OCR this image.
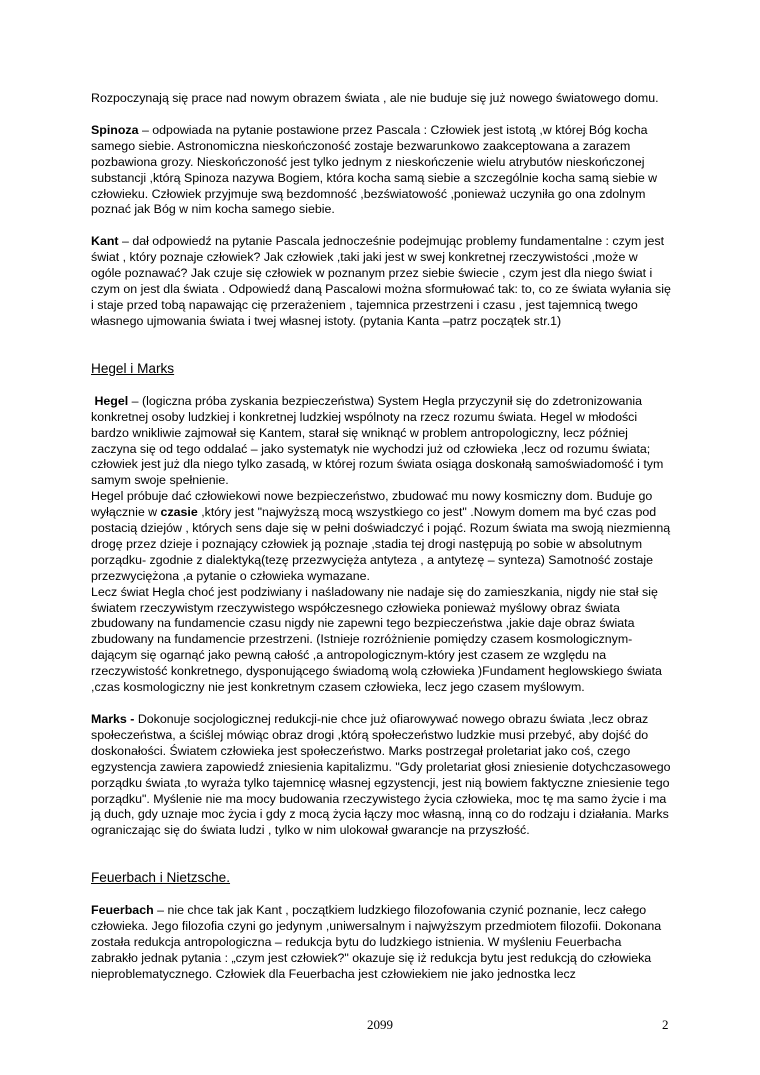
Rozpoczynają się prace nad nowym obrazem świata , ale nie buduje się już nowego światowego domu.

Spinoza – odpowiada na pytanie postawione przez Pascala : Człowiek jest istotą ,w której Bóg kocha samego siebie. Astronomiczna nieskończoność zostaje bezwarunkowo zaakceptowana a zarazem pozbawiona grozy. Nieskończoność jest tylko jednym z nieskończenie wielu atrybutów nieskończonej substancji ,którą Spinoza nazywa Bogiem, która kocha samą siebie a szczególnie kocha samą siebie w człowieku. Człowiek przyjmuje swą bezdomność ,bezświatowość ,ponieważ uczyniła go ona zdolnym poznać jak Bóg w nim kocha samego siebie.

Kant – dał odpowiedź na pytanie Pascala jednocześnie podejmując problemy fundamentalne : czym jest świat , który poznaje człowiek? Jak człowiek ,taki jaki jest w swej konkretnej rzeczywistości ,może w ogóle poznawać? Jak czuje się człowiek w poznanym przez siebie świecie , czym jest dla niego świat i czym on jest dla świata . Odpowiedź daną Pascalowi można sformułować tak: to, co ze świata wyłania się i staje przed tobą napawając cię przerażeniem , tajemnica przestrzeni i czasu , jest tajemnicą twego własnego ujmowania świata i twej własnej istoty. (pytania Kanta –patrz początek str.1)

Hegel i Marks

Hegel – (logiczna próba zyskania bezpieczeństwa) System Hegla przyczynił się do zdetronizowania konkretnej osoby ludzkiej i konkretnej ludzkiej wspólnoty na rzecz rozumu świata. Hegel w młodości bardzo wnikliwie zajmował się Kantem, starał się wniknąć w problem antropologiczny, lecz później zaczyna się od tego oddalać – jako systematyk nie wychodzi już od człowieka ,lecz od rozumu świata; człowiek jest już dla niego tylko zasadą, w której rozum świata osiąga doskonałą samoświadomość i tym samym swoje spełnienie.

Hegel próbuje dać człowiekowi nowe bezpieczeństwo, zbudować mu nowy kosmiczny dom. Buduje go wyłącznie w czasie ,który jest "najwyższą mocą wszystkiego co jest" .Nowym domem ma być czas pod postacią dziejów , których sens daje się w pełni doświadczyć i pojąć. Rozum świata ma swoją niezmienną drogę przez dzieje i poznający człowiek ją poznaje ,stadia tej drogi następują po sobie w absolutnym porządku- zgodnie z dialektyką(tezę przezwycięża antyteza , a antytezę – synteza) Samotność zostaje przezwyciężona ,a pytanie o człowieka wymazane.

Lecz świat Hegla choć jest podziwiany i naśladowany nie nadaje się do zamieszkania, nigdy nie stał się światem rzeczywistym rzeczywistego współczesnego człowieka ponieważ myślowy obraz świata zbudowany na fundamencie czasu nigdy nie zapewni tego bezpieczeństwa ,jakie daje obraz świata zbudowany na fundamencie przestrzeni. (Istnieje rozróżnienie pomiędzy czasem kosmologicznym-dającym się ogarnąć jako pewną całość ,a antropologicznym-który jest czasem ze względu na rzeczywistość konkretnego, dysponującego świadomą wolą człowieka )Fundament heglowskiego świata ,czas kosmologiczny nie jest konkretnym czasem człowieka, lecz jego czasem myślowym.

Marks - Dokonuje socjologicznej redukcji-nie chce już ofiarowywać nowego obrazu świata ,lecz obraz społeczeństwa, a ściślej mówiąc obraz drogi ,którą społeczeństwo ludzkie musi przebyć, aby dojść do doskonałości. Światem człowieka jest społeczeństwo. Marks postrzegał proletariat jako coś, czego egzystencja zawiera zapowiedź zniesienia kapitalizmu. "Gdy proletariat głosi zniesienie dotychczasowego porządku świata ,to wyraża tylko tajemnicę własnej egzystencji, jest nią bowiem faktyczne zniesienie tego porządku". Myślenie nie ma mocy budowania rzeczywistego życia człowieka, moc tę ma samo życie i ma ją duch, gdy uznaje moc życia i gdy z mocą życia łączy moc własną, inną co do rodzaju i działania. Marks ograniczając się do świata ludzi , tylko w nim ulokował gwarancje na przyszłość.

Feuerbach i Nietzsche.

Feuerbach – nie chce tak jak Kant , początkiem ludzkiego filozofowania czynić poznanie, lecz całego człowieka. Jego filozofia czyni go jedynym ,uniwersalnym i najwyższym przedmiotem filozofii. Dokonana została redukcja antropologiczna – redukcja bytu do ludzkiego istnienia. W myśleniu Feuerbacha zabrakło jednak pytania : „czym jest człowiek?" okazuje się iż redukcja bytu jest redukcją do człowieka nieproblematycznego. Człowiek dla Feuerbacha jest człowiekiem nie jako jednostka lecz

2099	2
